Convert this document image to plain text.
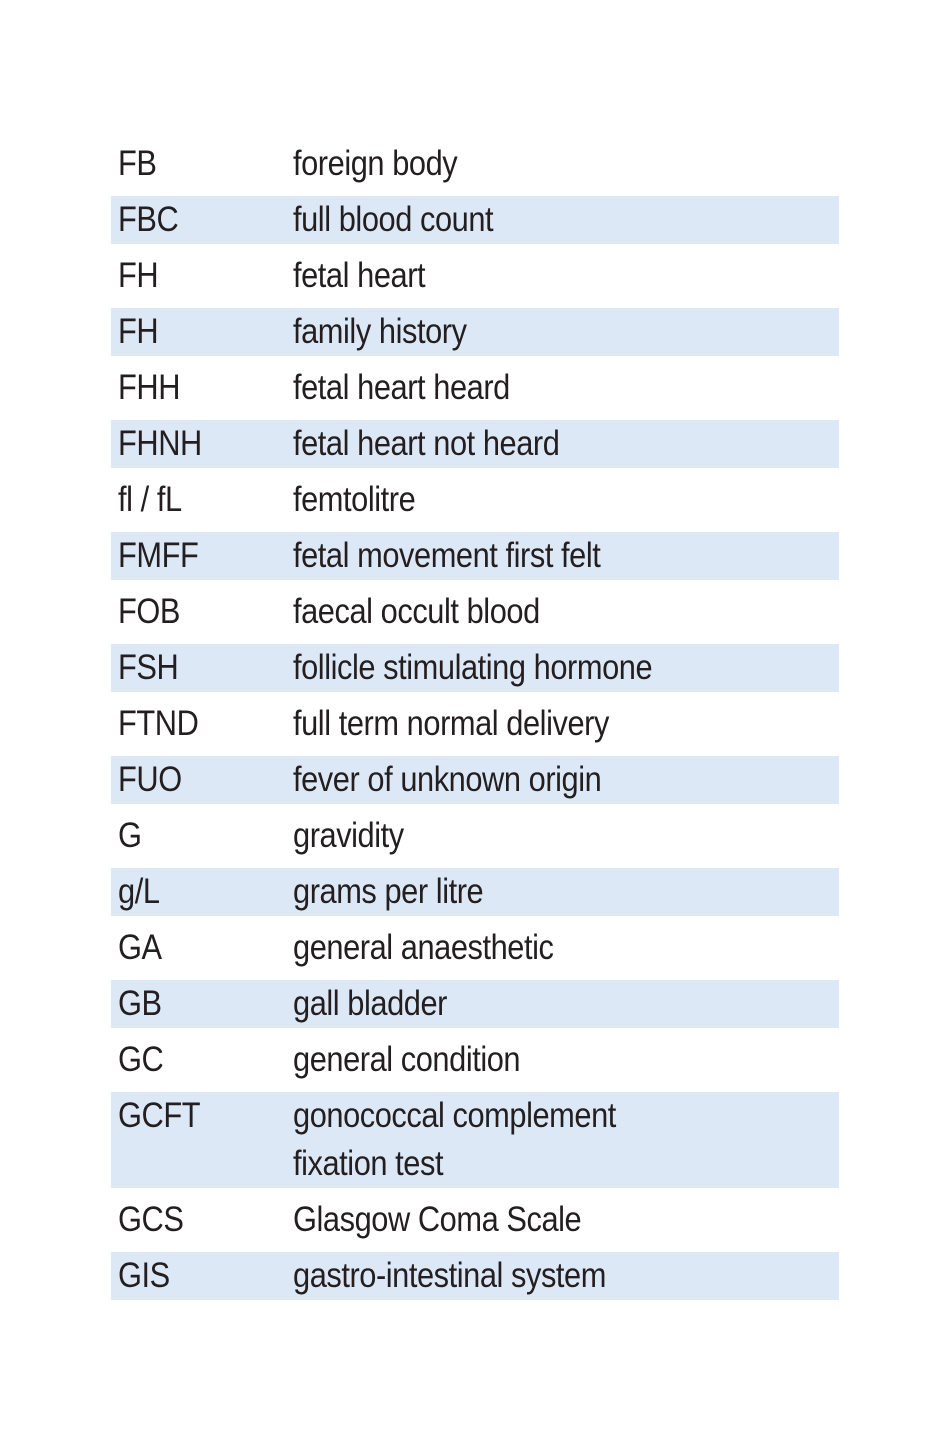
FB	foreign body
FBC	full blood count
FH	fetal heart
FH	family history
FHH	fetal heart heard
FHNH	fetal heart not heard
fl / fL	femtolitre
FMFF	fetal movement first felt
FOB	faecal occult blood
FSH	follicle stimulating hormone
FTND	full term normal delivery
FUO	fever of unknown origin
G	gravidity
g/L	grams per litre
GA	general anaesthetic
GB	gall bladder
GC	general condition
GCFT	gonococcal complement
fixation test
GCS	Glasgow Coma Scale
GIS	gastro-intestinal system
